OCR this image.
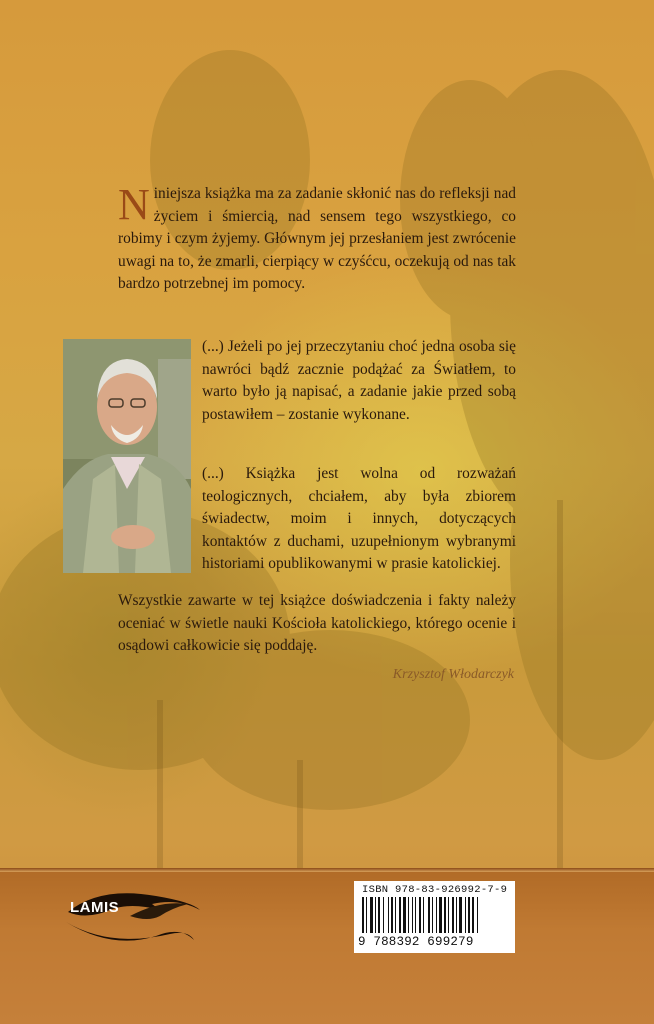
Niniejsza książka ma za zadanie skłonić nas do refleksji nad życiem i śmiercią, nad sensem tego wszystkiego, co robimy i czym żyjemy. Głównym jej przesłaniem jest zwrócenie uwagi na to, że zmarli, cierpiący w czyśćcu, oczekują od nas tak bardzo potrzebnej im pomocy.

(...) Jeżeli po jej przeczytaniu choć jedna osoba się nawróci bądź zacznie podążać za Światłem, to warto było ją napisać, a zadanie jakie przed sobą postawiłem – zostanie wykonane.

(...) Książka jest wolna od rozważań teologicznych, chciałem, aby była zbiorem świadectw, moim i innych, dotyczących kontaktów z duchami, uzupełnionym wybranymi historiami opublikowanymi w prasie katolickiej.

Wszystkie zawarte w tej książce doświadczenia i fakty należy oceniać w świetle nauki Kościoła katolickiego, którego ocenie i osądowi całkowicie się poddaję.

Krzysztof Włodarczyk
LAMIS
ISBN 978-83-926992-7-9
9 788392 699279
